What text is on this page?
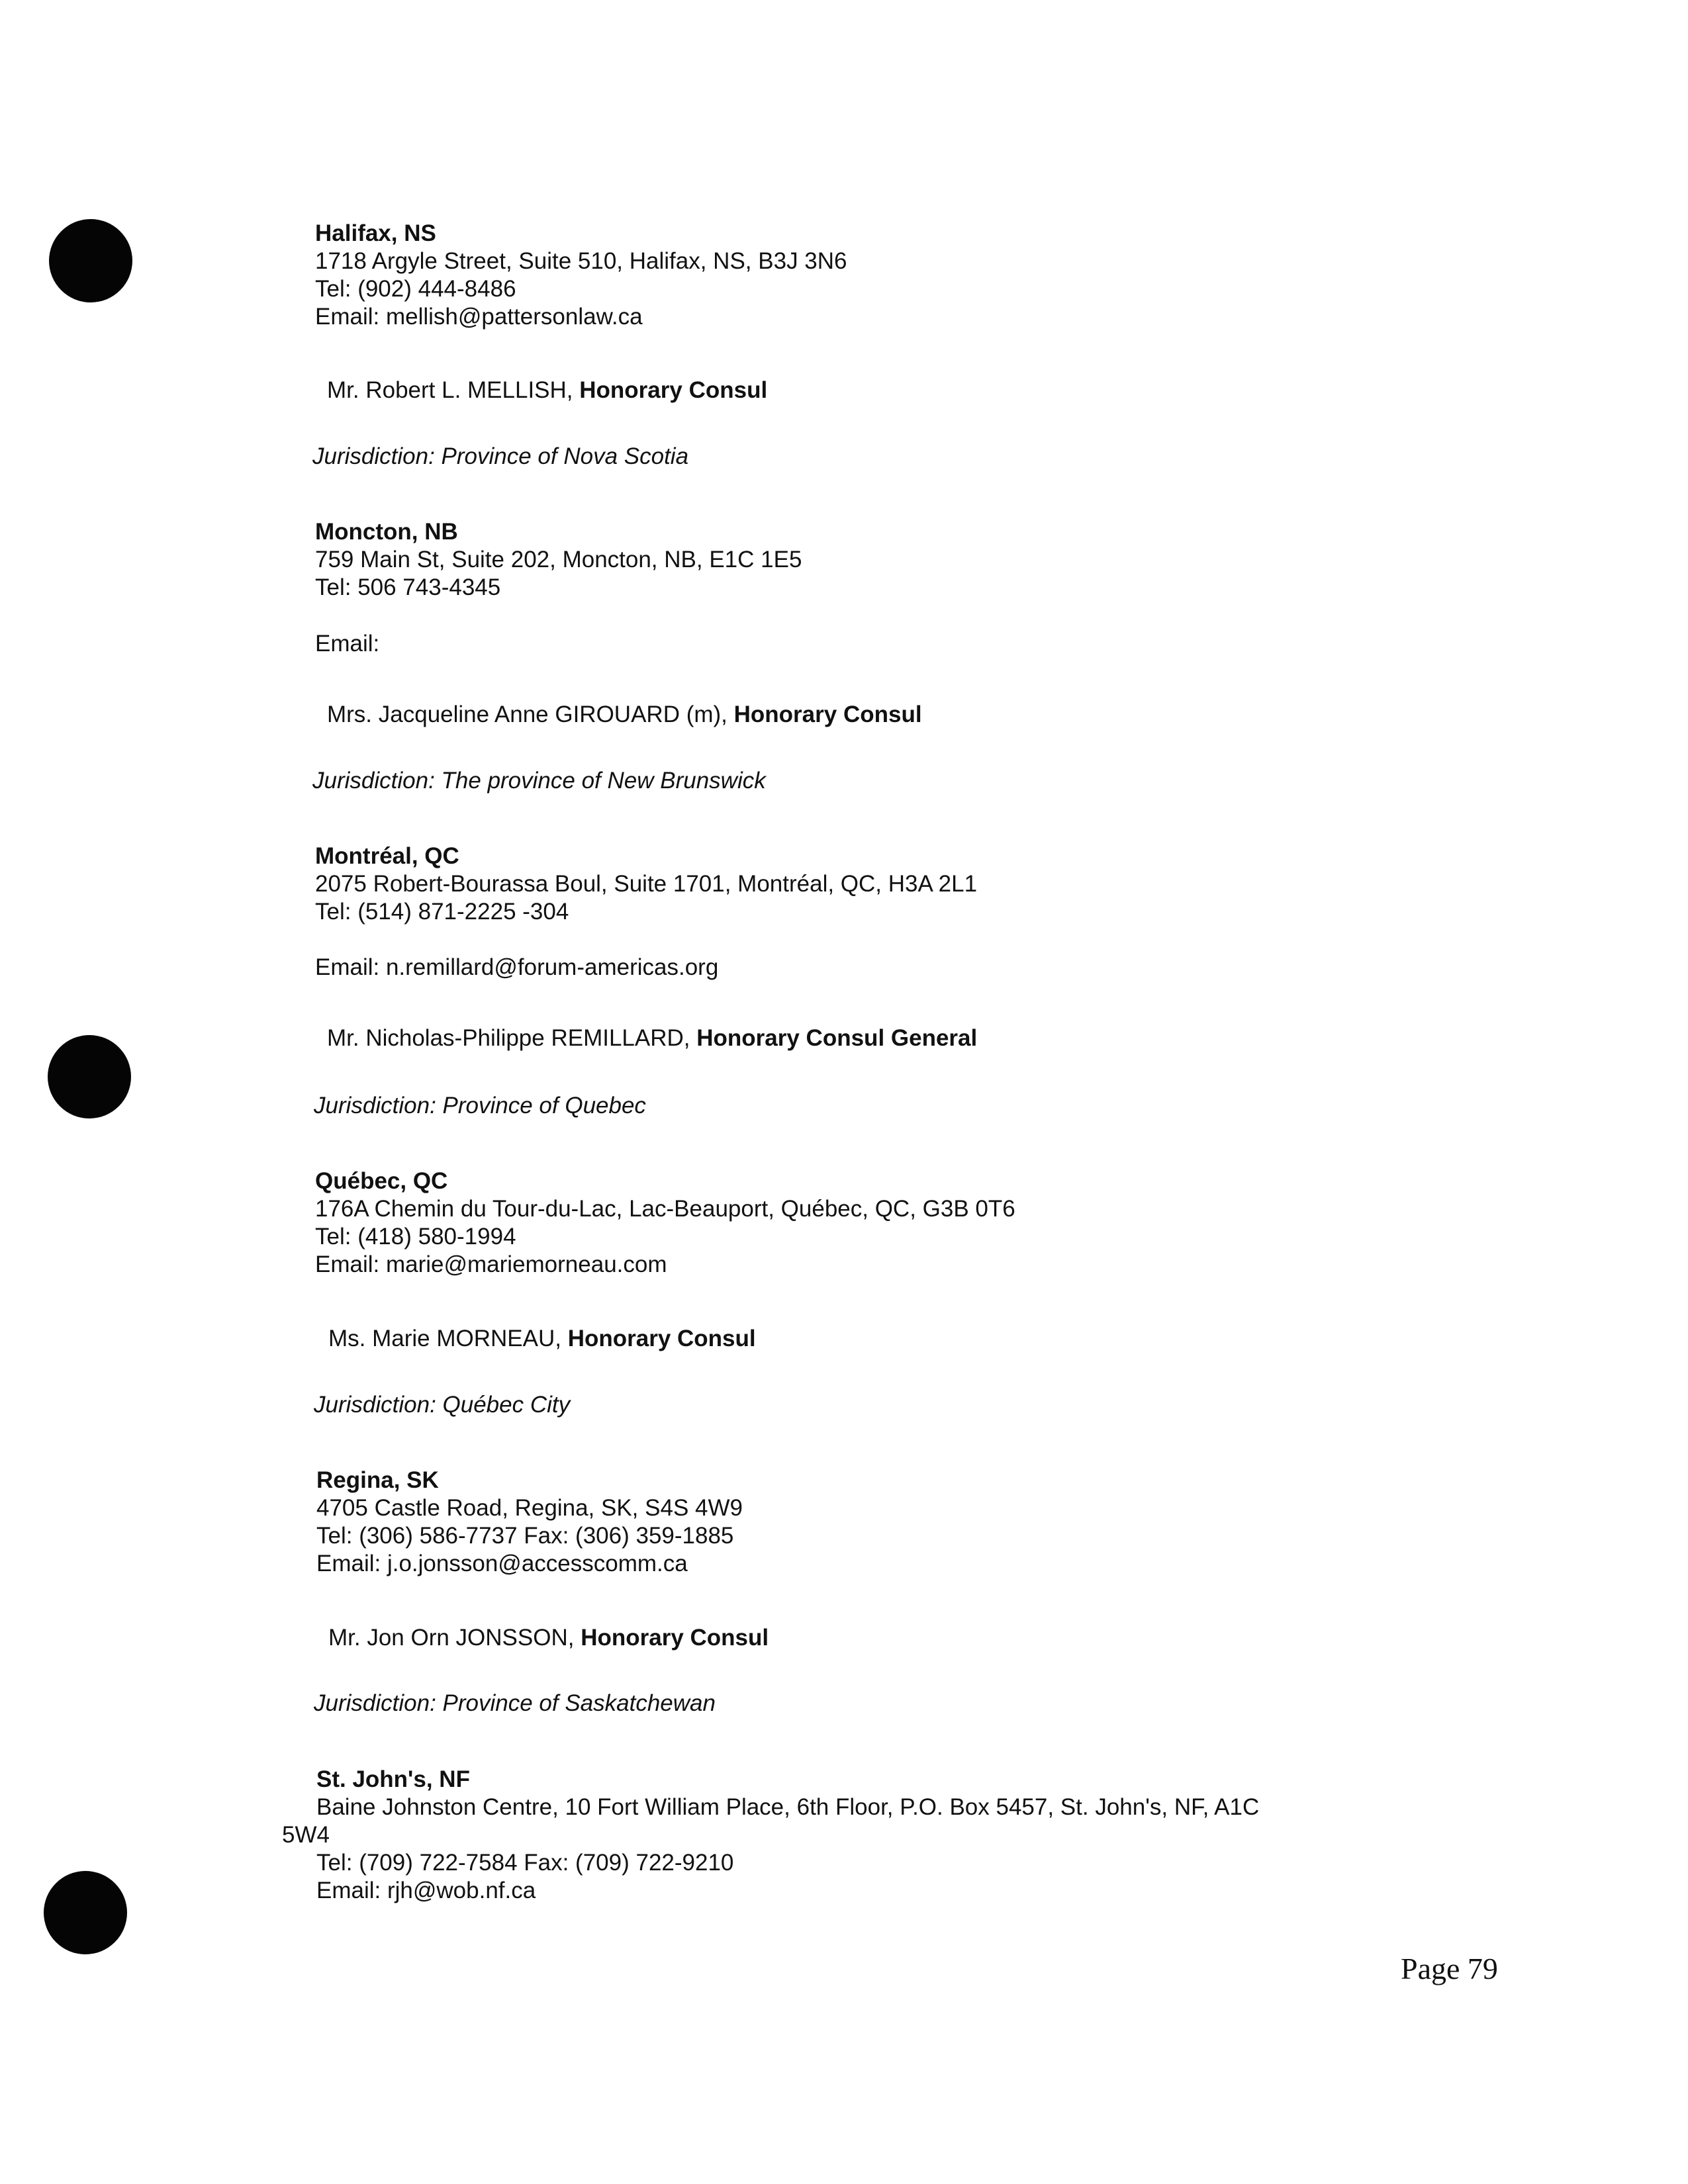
Halifax, NS
1718 Argyle Street, Suite 510, Halifax, NS, B3J 3N6
Tel: (902) 444-8486
Email: mellish@pattersonlaw.ca
Mr. Robert L. MELLISH, Honorary Consul
Jurisdiction: Province of Nova Scotia
Moncton, NB
759 Main St, Suite 202, Moncton, NB, E1C 1E5
Tel: 506 743-4345
Email:
Mrs. Jacqueline Anne GIROUARD (m), Honorary Consul
Jurisdiction: The province of New Brunswick
Montréal, QC
2075 Robert-Bourassa Boul, Suite 1701, Montréal, QC, H3A 2L1
Tel: (514) 871-2225 -304
Email: n.remillard@forum-americas.org
Mr. Nicholas-Philippe REMILLARD, Honorary Consul General
Jurisdiction: Province of Quebec
Québec, QC
176A Chemin du Tour-du-Lac, Lac-Beauport, Québec, QC, G3B 0T6
Tel: (418) 580-1994
Email: marie@mariemorneau.com
Ms. Marie MORNEAU, Honorary Consul
Jurisdiction: Québec City
Regina, SK
4705 Castle Road, Regina, SK, S4S 4W9
Tel: (306) 586-7737 Fax: (306) 359-1885
Email: j.o.jonsson@accesscomm.ca
Mr. Jon Orn JONSSON, Honorary Consul
Jurisdiction: Province of Saskatchewan
St. John's, NF
Baine Johnston Centre, 10 Fort William Place, 6th Floor, P.O. Box 5457, St. John's, NF, A1C
5W4
Tel: (709) 722-7584 Fax: (709) 722-9210
Email: rjh@wob.nf.ca
Page 79
